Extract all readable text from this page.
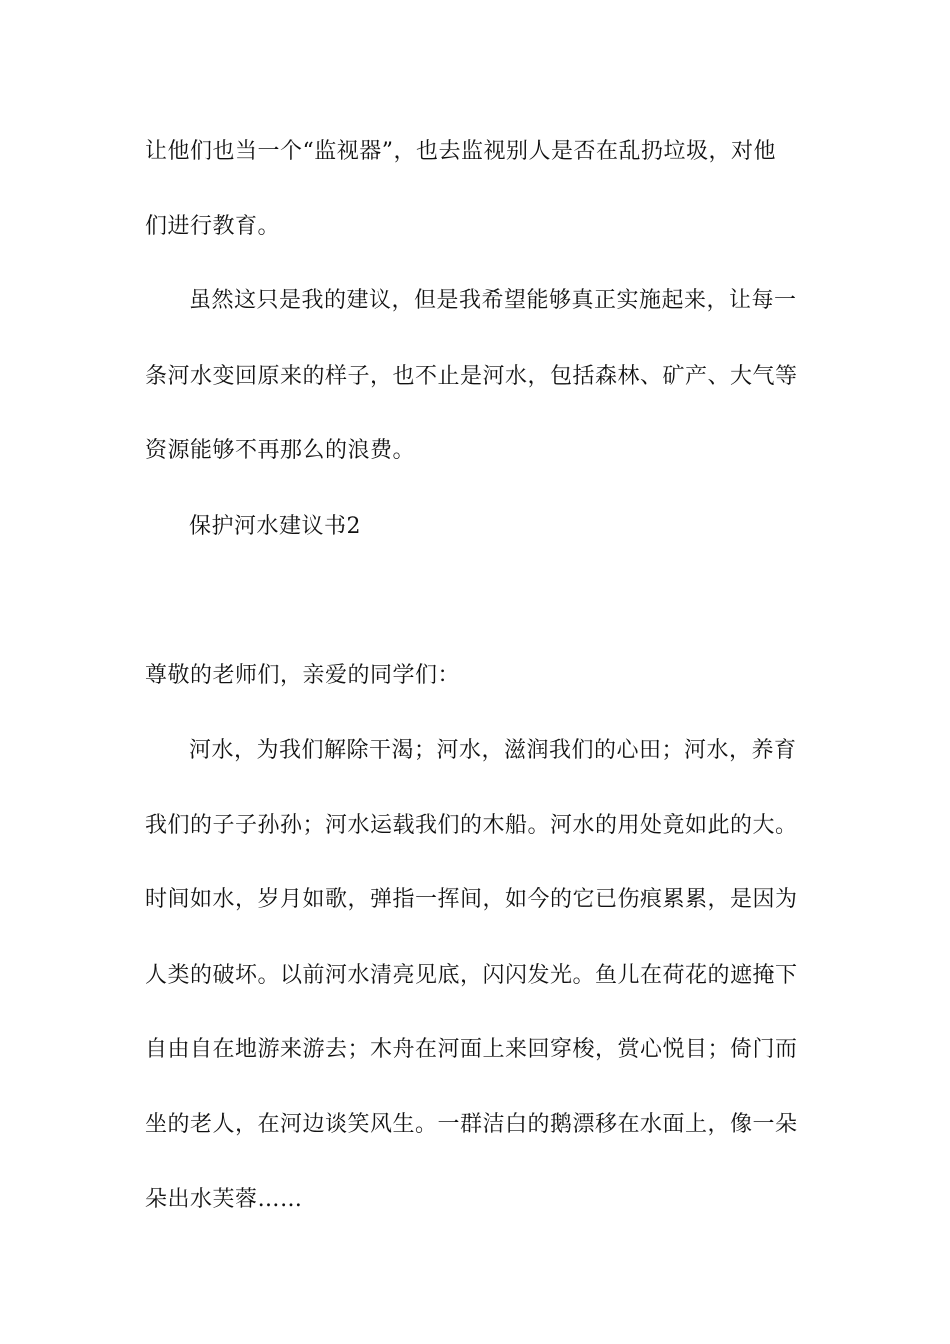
让他们也当一个“监视器”，也去监视别人是否在乱扔垃圾，对他
们进行教育。
虽然这只是我的建议，但是我希望能够真正实施起来，让每一
条河水变回原来的样子，也不止是河水，包括森林、矿产、大气等
资源能够不再那么的浪费。
保护河水建议书2
尊敬的老师们，亲爱的同学们：
河水，为我们解除干渴；河水，滋润我们的心田；河水，养育
我们的子子孙孙；河水运载我们的木船。河水的用处竟如此的大。
时间如水，岁月如歌，弹指一挥间，如今的它已伤痕累累，是因为
人类的破坏。以前河水清亮见底，闪闪发光。鱼儿在荷花的遮掩下
自由自在地游来游去；木舟在河面上来回穿梭，赏心悦目；倚门而
坐的老人，在河边谈笑风生。一群洁白的鹅漂移在水面上，像一朵
朵出水芙蓉……
